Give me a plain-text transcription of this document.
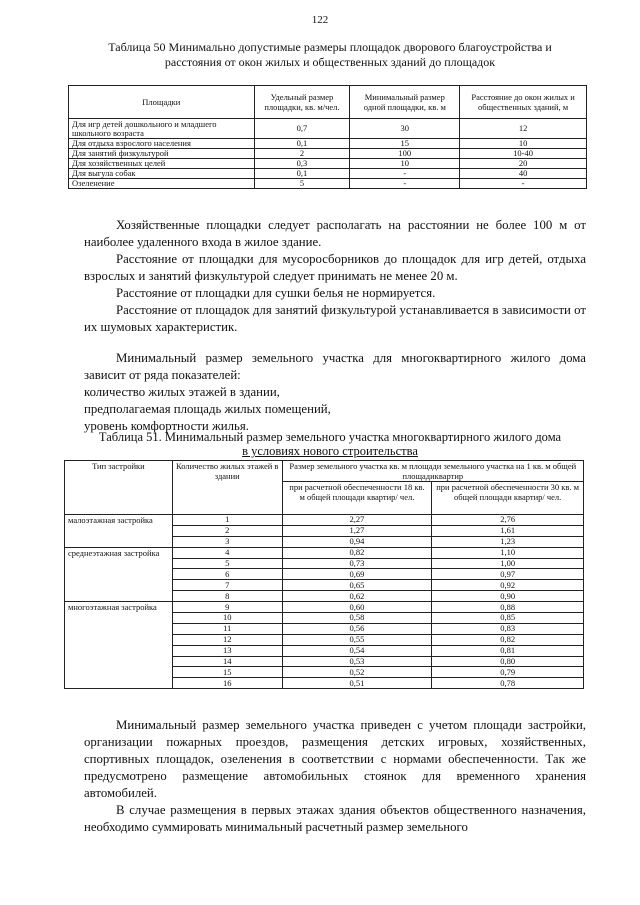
122
Таблица 50 Минимально допустимые размеры площадок дворового благоустройства и
расстояния от окон жилых и общественных зданий до площадок
Площадки	Удельный размер площадки, кв. м/чел.	Минимальный размер одной площадки, кв. м	Расстояние до окон жилых и общественных зданий, м
Для игр детей дошкольного и младшего школьного возраста	0,7	30	12
Для отдыха взрослого населения	0,1	15	10
Для занятий физкультурой	2	100	10-40
Для хозяйственных целей	0,3	10	20
Для выгула собак	0,1	-	40
Озеленение	5	-	-
Хозяйственные площадки следует располагать на расстоянии не более 100 м от наиболее удаленного входа в жилое здание.
Расстояние от площадки для мусоросборников до площадок для игр детей, отдыха взрослых и занятий физкультурой следует принимать не менее 20 м.
Расстояние от площадки для сушки белья не нормируется.
Расстояние от площадок для занятий физкультурой устанавливается в зависимости от их шумовых характеристик.
Минимальный размер земельного участка для многоквартирного жилого дома зависит от ряда показателей:
количество жилых этажей в здании,
предполагаемая площадь жилых помещений,
уровень комфортности жилья.
Таблица 51. Минимальный размер земельного участка многоквартирного жилого дома
в условиях нового строительства
Тип застройки	Количество жилых этажей в здании	Размер земельного участка кв. м площади земельного участка на 1 кв. м общей площадиквартир	
		при расчетной обеспеченности 18 кв. м общей площади квартир/ чел.	при расчетной обеспеченности 30 кв. м общей площади квартир/ чел.
малоэтажная застройка	1	2,27	2,76
	2	1,27	1,61
	3	0,94	1,23
среднеэтажная застройка	4	0,82	1,10
	5	0,73	1,00
	6	0,69	0,97
	7	0,65	0,92
	8	0,62	0,90
многоэтажная застройка	9	0,60	0,88
	10	0,58	0,85
	11	0,56	0,83
	12	0,55	0,82
	13	0,54	0,81
	14	0,53	0,80
	15	0,52	0,79
	16	0,51	0,78
Минимальный размер земельного участка приведен с учетом площади застройки, организации пожарных проездов, размещения детских игровых, хозяйственных, спортивных площадок, озеленения в соответствии с нормами обеспеченности. Так же предусмотрено размещение автомобильных стоянок для временного хранения автомобилей.
В случае размещения в первых этажах здания объектов общественного назначения, необходимо суммировать минимальный расчетный размер земельного
